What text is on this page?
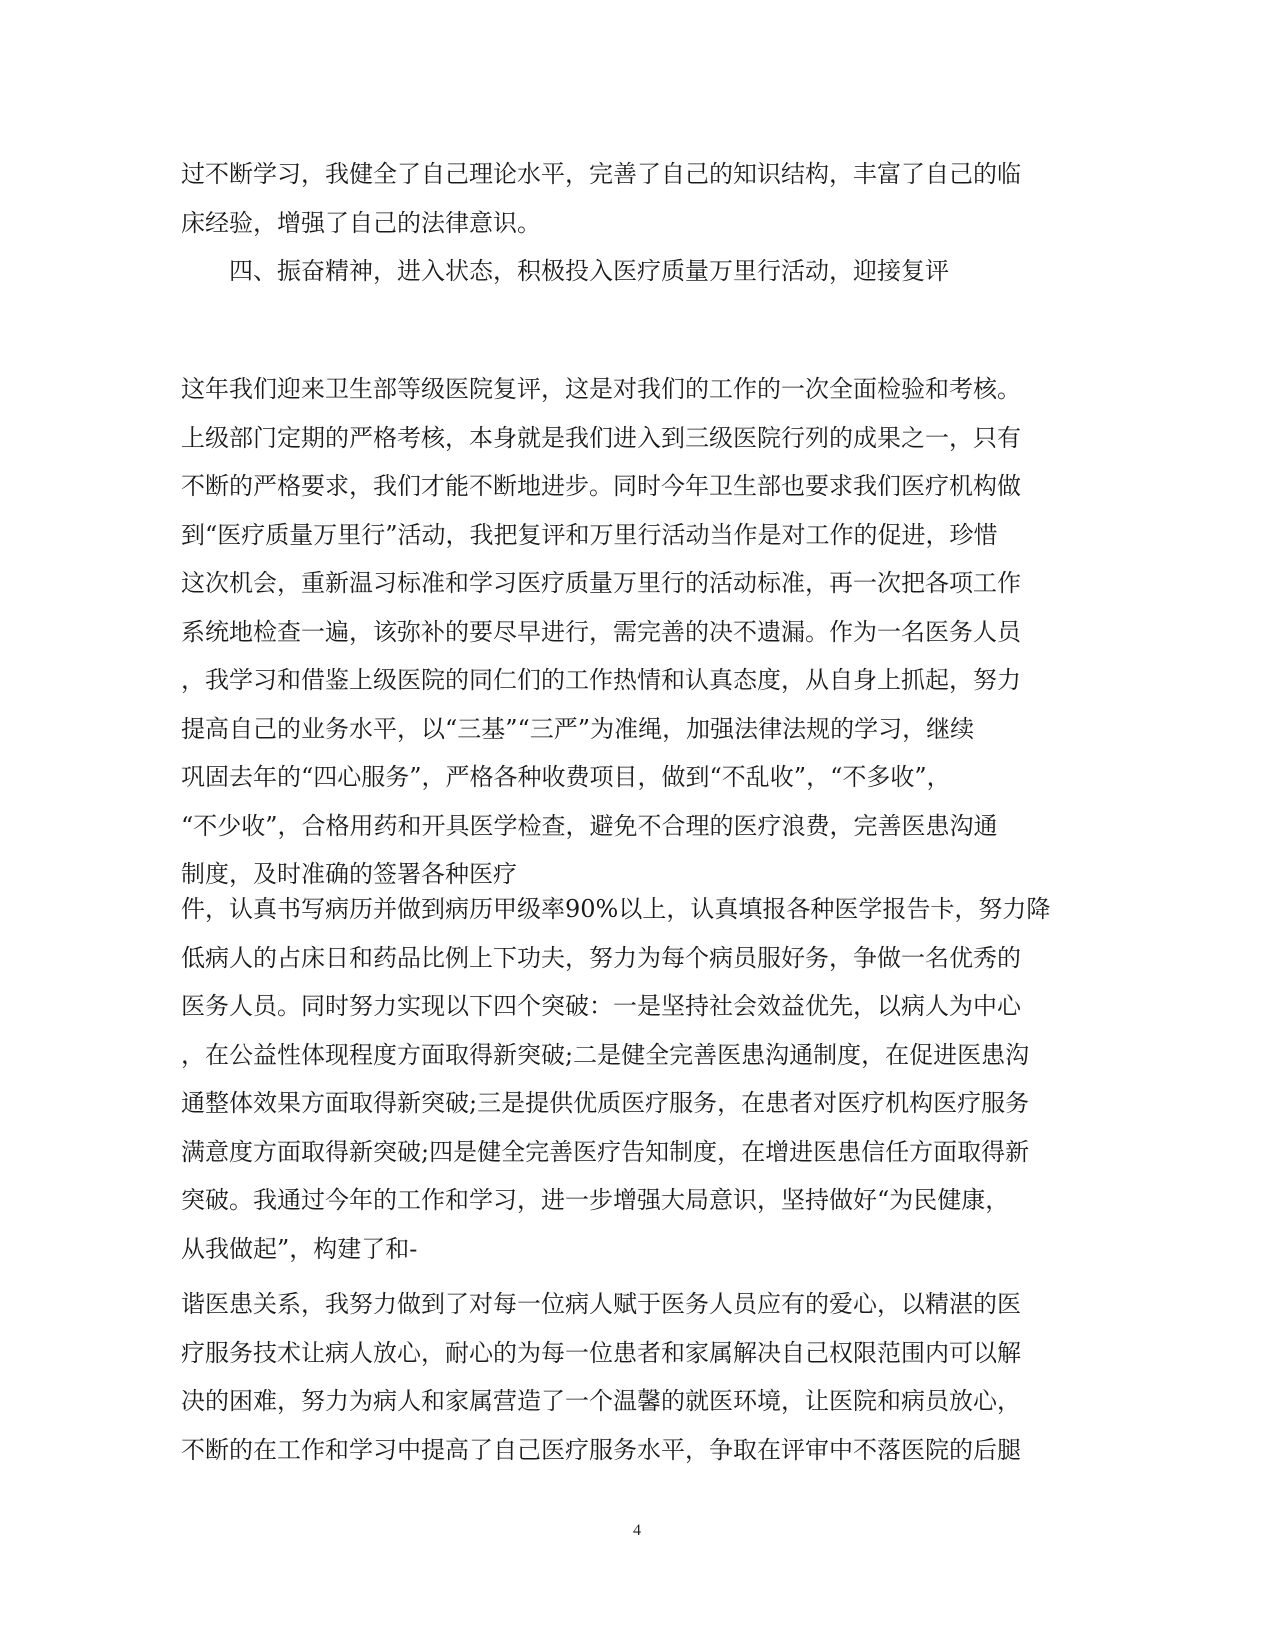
过不断学习，我健全了自己理论水平，完善了自己的知识结构，丰富了自己的临
床经验，增强了自己的法律意识。
四、振奋精神，进入状态，积极投入医疗质量万里行活动，迎接复评
这年我们迎来卫生部等级医院复评，这是对我们的工作的一次全面检验和考核。
上级部门定期的严格考核，本身就是我们进入到三级医院行列的成果之一，只有
不断的严格要求，我们才能不断地进步。同时今年卫生部也要求我们医疗机构做
到“医疗质量万里行”活动，我把复评和万里行活动当作是对工作的促进，珍惜
这次机会，重新温习标准和学习医疗质量万里行的活动标准，再一次把各项工作
系统地检查一遍，该弥补的要尽早进行，需完善的决不遗漏。作为一名医务人员
，我学习和借鉴上级医院的同仁们的工作热情和认真态度，从自身上抓起，努力
提高自己的业务水平，以“三基”“三严”为准绳，加强法律法规的学习，继续
巩固去年的“四心服务”，严格各种收费项目，做到“不乱收”，“不多收”，
“不少收”，合格用药和开具医学检查，避免不合理的医疗浪费，完善医患沟通
制度，及时准确的签署各种医疗
件，认真书写病历并做到病历甲级率90%以上，认真填报各种医学报告卡，努力降
低病人的占床日和药品比例上下功夫，努力为每个病员服好务，争做一名优秀的
医务人员。同时努力实现以下四个突破：一是坚持社会效益优先，以病人为中心
，在公益性体现程度方面取得新突破;二是健全完善医患沟通制度，在促进医患沟
通整体效果方面取得新突破;三是提供优质医疗服务，在患者对医疗机构医疗服务
满意度方面取得新突破;四是健全完善医疗告知制度，在增进医患信任方面取得新
突破。我通过今年的工作和学习，进一步增强大局意识，坚持做好“为民健康，
从我做起”，构建了和-
谐医患关系，我努力做到了对每一位病人赋于医务人员应有的爱心，以精湛的医
疗服务技术让病人放心，耐心的为每一位患者和家属解决自己权限范围内可以解
决的困难，努力为病人和家属营造了一个温馨的就医环境，让医院和病员放心，
不断的在工作和学习中提高了自己医疗服务水平，争取在评审中不落医院的后腿
4
